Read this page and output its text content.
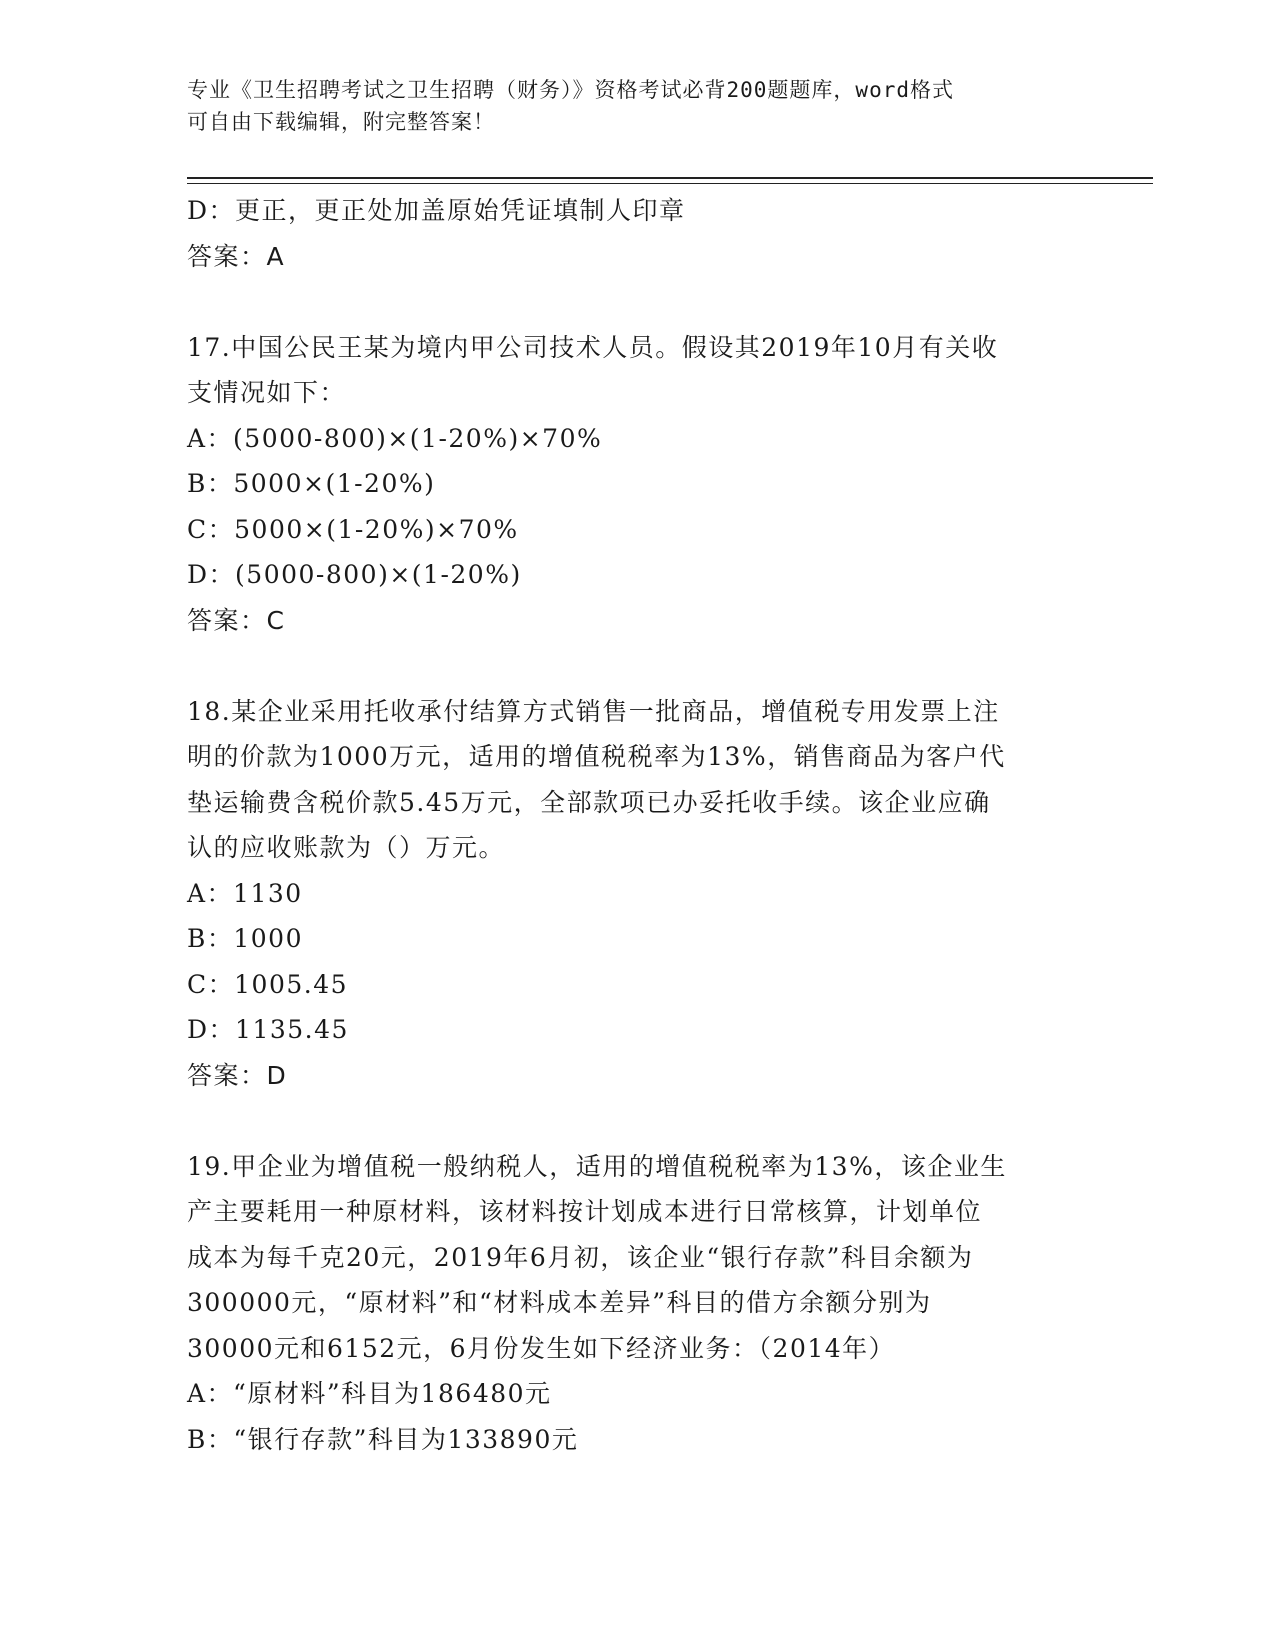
专业《卫生招聘考试之卫生招聘（财务）》资格考试必背200题题库，word格式
可自由下载编辑，附完整答案！
D：更正，更正处加盖原始凭证填制人印章
答案：A
17.中国公民王某为境内甲公司技术人员。假设其2019年10月有关收
支情况如下：
A：(5000-800)×(1-20%)×70%
B：5000×(1-20%)
C：5000×(1-20%)×70%
D：(5000-800)×(1-20%)
答案：C
18.某企业采用托收承付结算方式销售一批商品，增值税专用发票上注
明的价款为1000万元，适用的增值税税率为13%，销售商品为客户代
垫运输费含税价款5.45万元，全部款项已办妥托收手续。该企业应确
认的应收账款为（）万元。
A：1130
B：1000
C：1005.45
D：1135.45
答案：D
19.甲企业为增值税一般纳税人，适用的增值税税率为13%，该企业生
产主要耗用一种原材料，该材料按计划成本进行日常核算，计划单位
成本为每千克20元，2019年6月初，该企业“银行存款”科目余额为
300000元，“原材料”和“材料成本差异”科目的借方余额分别为
30000元和6152元，6月份发生如下经济业务：（2014年）
A：“原材料”科目为186480元
B：“银行存款”科目为133890元
